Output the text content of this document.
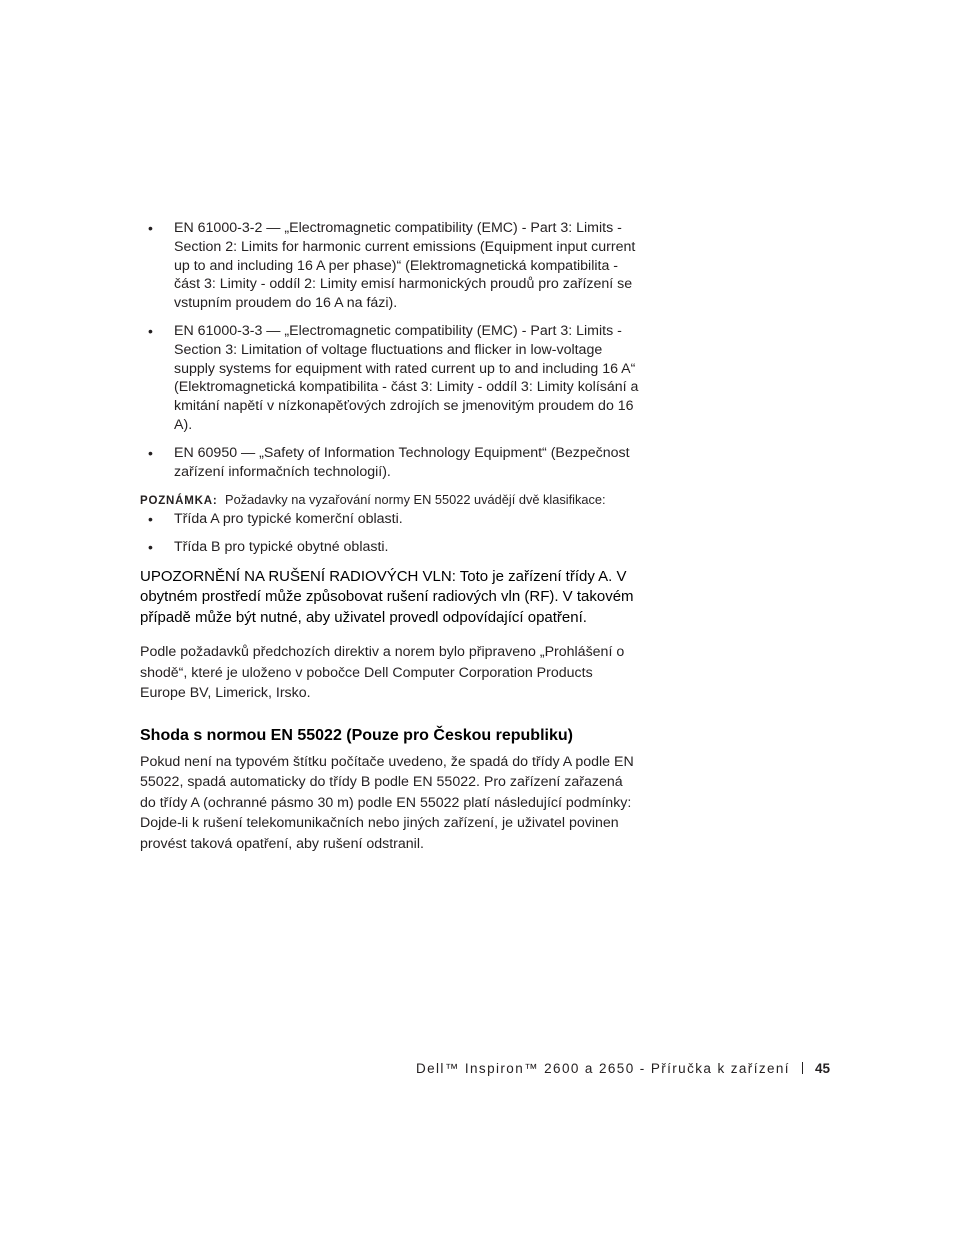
• EN 61000-3-2 — „Electromagnetic compatibility (EMC) - Part 3: Limits - Section 2: Limits for harmonic current emissions (Equipment input current up to and including 16 A per phase)“ (Elektromagnetická kompatibilita - část 3: Limity - oddíl 2: Limity emisí harmonických proudů pro zařízení se vstupním proudem do 16 A na fázi).
• EN 61000-3-3 — „Electromagnetic compatibility (EMC) - Part 3: Limits - Section 3: Limitation of voltage fluctuations and flicker in low-voltage supply systems for equipment with rated current up to and including 16 A“ (Elektromagnetická kompatibilita - část 3: Limity - oddíl 3: Limity kolísání a kmitání napětí v nízkonapěťových zdrojích se jmenovitým proudem do 16 A).
• EN 60950 — „Safety of Information Technology Equipment“ (Bezpečnost zařízení informačních technologií).
POZNÁMKA: Požadavky na vyzařování normy EN 55022 uvádějí dvě klasifikace:
• Třída A pro typické komerční oblasti.
• Třída B pro typické obytné oblasti.
UPOZORNĚNÍ NA RUŠENÍ RADIOVÝCH VLN: Toto je zařízení třídy A. V obytném prostředí může způsobovat rušení radiových vln (RF). V takovém případě může být nutné, aby uživatel provedl odpovídající opatření.
Podle požadavků předchozích direktiv a norem bylo připraveno „Prohlášení o shodě“, které je uloženo v pobočce Dell Computer Corporation Products Europe BV, Limerick, Irsko.
Shoda s normou EN 55022 (Pouze pro Českou republiku)
Pokud není na typovém štítku počítače uvedeno, že spadá do třídy A podle EN 55022, spadá automaticky do třídy B podle EN 55022. Pro zařízení zařazená do třídy A (ochranné pásmo 30 m) podle EN 55022 platí následující podmínky: Dojde-li k rušení telekomunikačních nebo jiných zařízení, je uživatel povinen provést taková opatření, aby rušení odstranil.
Dell™ Inspiron™ 2600 a 2650 - Příručka k zařízení 45
